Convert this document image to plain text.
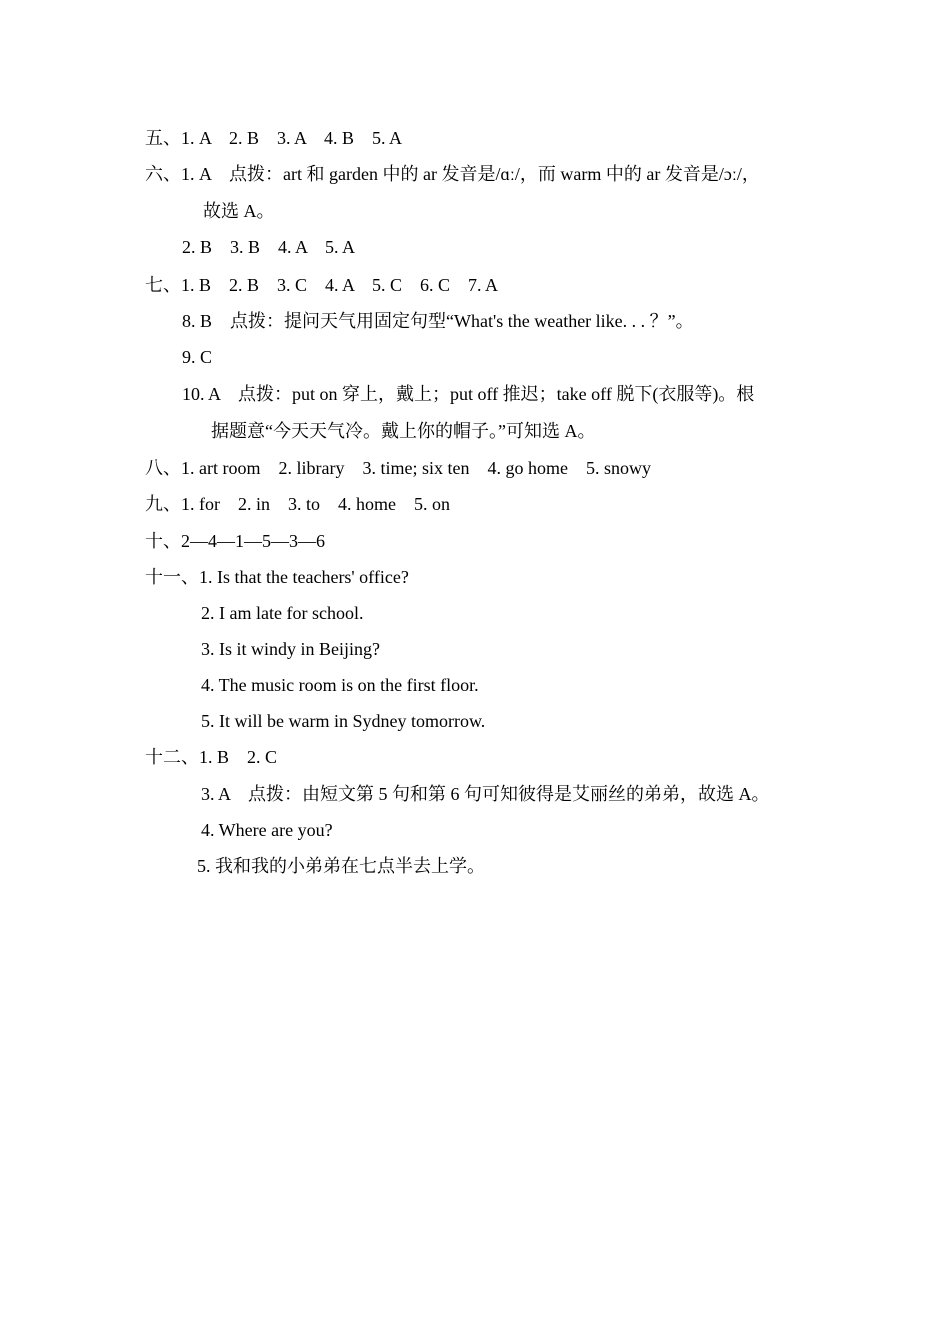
五、1. A　2. B　3. A　4. B　5. A
六、1. A　点拨：art 和 garden 中的 ar 发音是/ɑː/，而 warm 中的 ar 发音是/ɔː/，
故选 A。
2. B　3. B　4. A　5. A
七、1. B　2. B　3. C　4. A　5. C　6. C　7. A
8. B　点拨：提问天气用固定句型“What's the weather like. . . ？”。
9. C
10. A　点拨：put on 穿上，戴上；put off 推迟；take off 脱下(衣服等)。根
据题意“今天天气冷。戴上你的帽子。”可知选 A。
八、1. art room　2. library　3. time; six ten　4. go home　5. snowy
九、1. for　2. in　3. to　4. home　5. on
十、2—4—1—5—3—6
十一、1. Is that the teachers' office?
2. I am late for school.
3. Is it windy in Beijing?
4. The music room is on the first floor.
5. It will be warm in Sydney tomorrow.
十二、1. B　2. C
3. A　点拨：由短文第 5 句和第 6 句可知彼得是艾丽丝的弟弟，故选 A。
4. Where are you?
5. 我和我的小弟弟在七点半去上学。
